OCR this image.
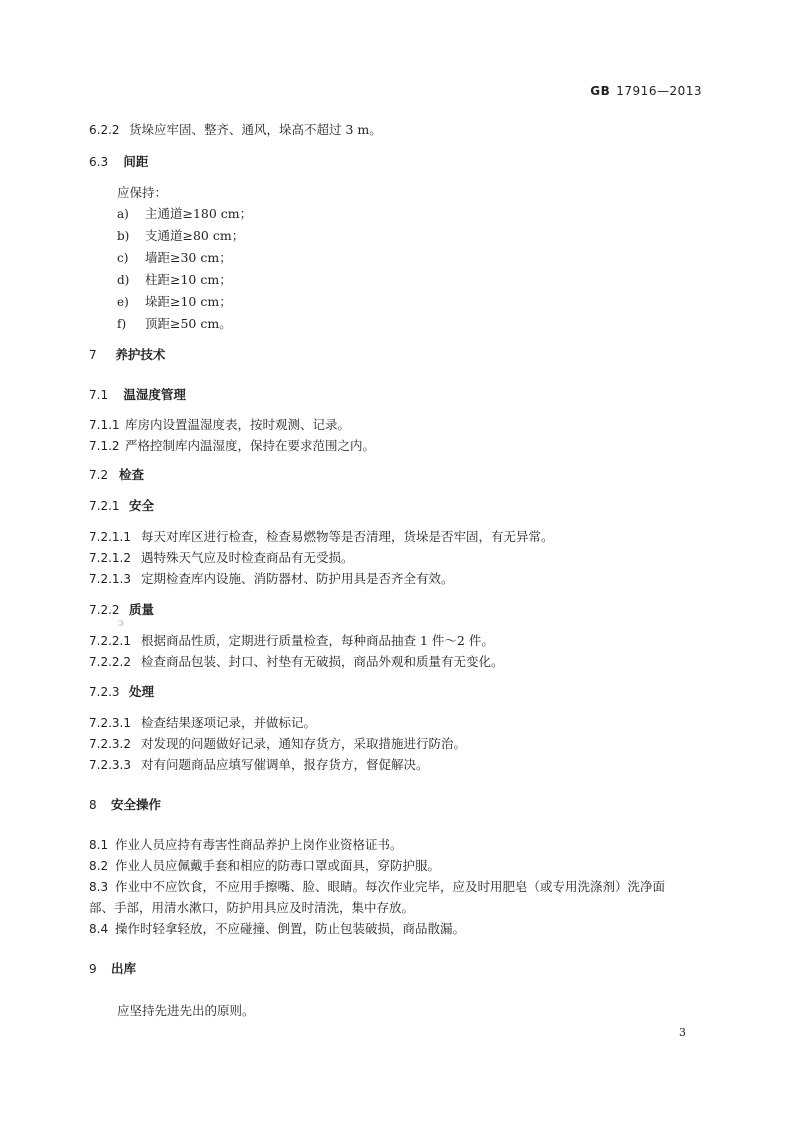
GB 17916—2013
6.2.2 货垛应牢固、整齐、通风，垛高不超过 3 m。
6.3 间距
应保持：
a) 主通道≥180 cm；
b) 支通道≥80 cm；
c) 墙距≥30 cm；
d) 柱距≥10 cm；
e) 垛距≥10 cm；
f) 顶距≥50 cm。
7 养护技术
7.1 温湿度管理
7.1.1 库房内设置温湿度表，按时观测、记录。
7.1.2 严格控制库内温湿度，保持在要求范围之内。
7.2 检查
7.2.1 安全
7.2.1.1 每天对库区进行检查，检查易燃物等是否清理，货垛是否牢固，有无异常。
7.2.1.2 遇特殊天气应及时检查商品有无受损。
7.2.1.3 定期检查库内设施、消防器材、防护用具是否齐全有效。
7.2.2 质量
ɔ
7.2.2.1 根据商品性质，定期进行质量检查，每种商品抽查 1 件～2 件。
7.2.2.2 检查商品包装、封口、衬垫有无破损，商品外观和质量有无变化。
7.2.3 处理
7.2.3.1 检查结果逐项记录，并做标记。
7.2.3.2 对发现的问题做好记录，通知存货方，采取措施进行防治。
7.2.3.3 对有问题商品应填写催调单，报存货方，督促解决。
8 安全操作
8.1 作业人员应持有毒害性商品养护上岗作业资格证书。
8.2 作业人员应佩戴手套和相应的防毒口罩或面具，穿防护服。
8.3 作业中不应饮食，不应用手擦嘴、脸、眼睛。每次作业完毕，应及时用肥皂（或专用洗涤剂）洗净面
部、手部，用清水漱口，防护用具应及时清洗，集中存放。
8.4 操作时轻拿轻放，不应碰撞、倒置，防止包装破损，商品散漏。
9 出库
应坚持先进先出的原则。
3
